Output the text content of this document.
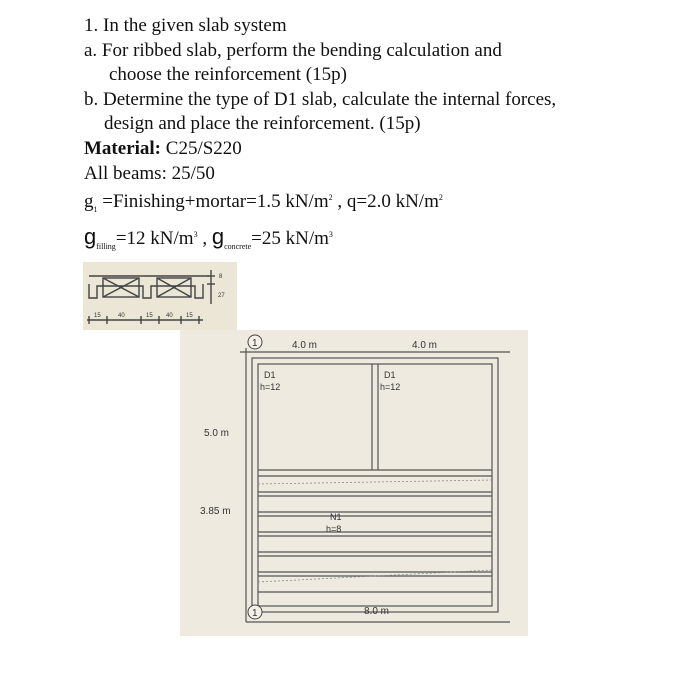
1. In the given slab system
a. For ribbed slab, perform the bending calculation and
choose the reinforcement (15p)
b. Determine the type of D1 slab, calculate the internal forces,
design and place the reinforcement. (15p)
Material: C25/S220
All beams: 25/50
$g_1$ =Finishing+mortar=1.5 $kN/m^2$ , q=2.0 $kN/m^2$
$g_{filling}=12$ $kN/m^3$ , $g_{concrete}=25$ $kN/m^3$
8
27
15	40	15 40 15
1
1
4.0 m	4.0 m
8.0 m
5.0 m
3.85 m
D1
h=12
D1
h=12
N1
h=8
